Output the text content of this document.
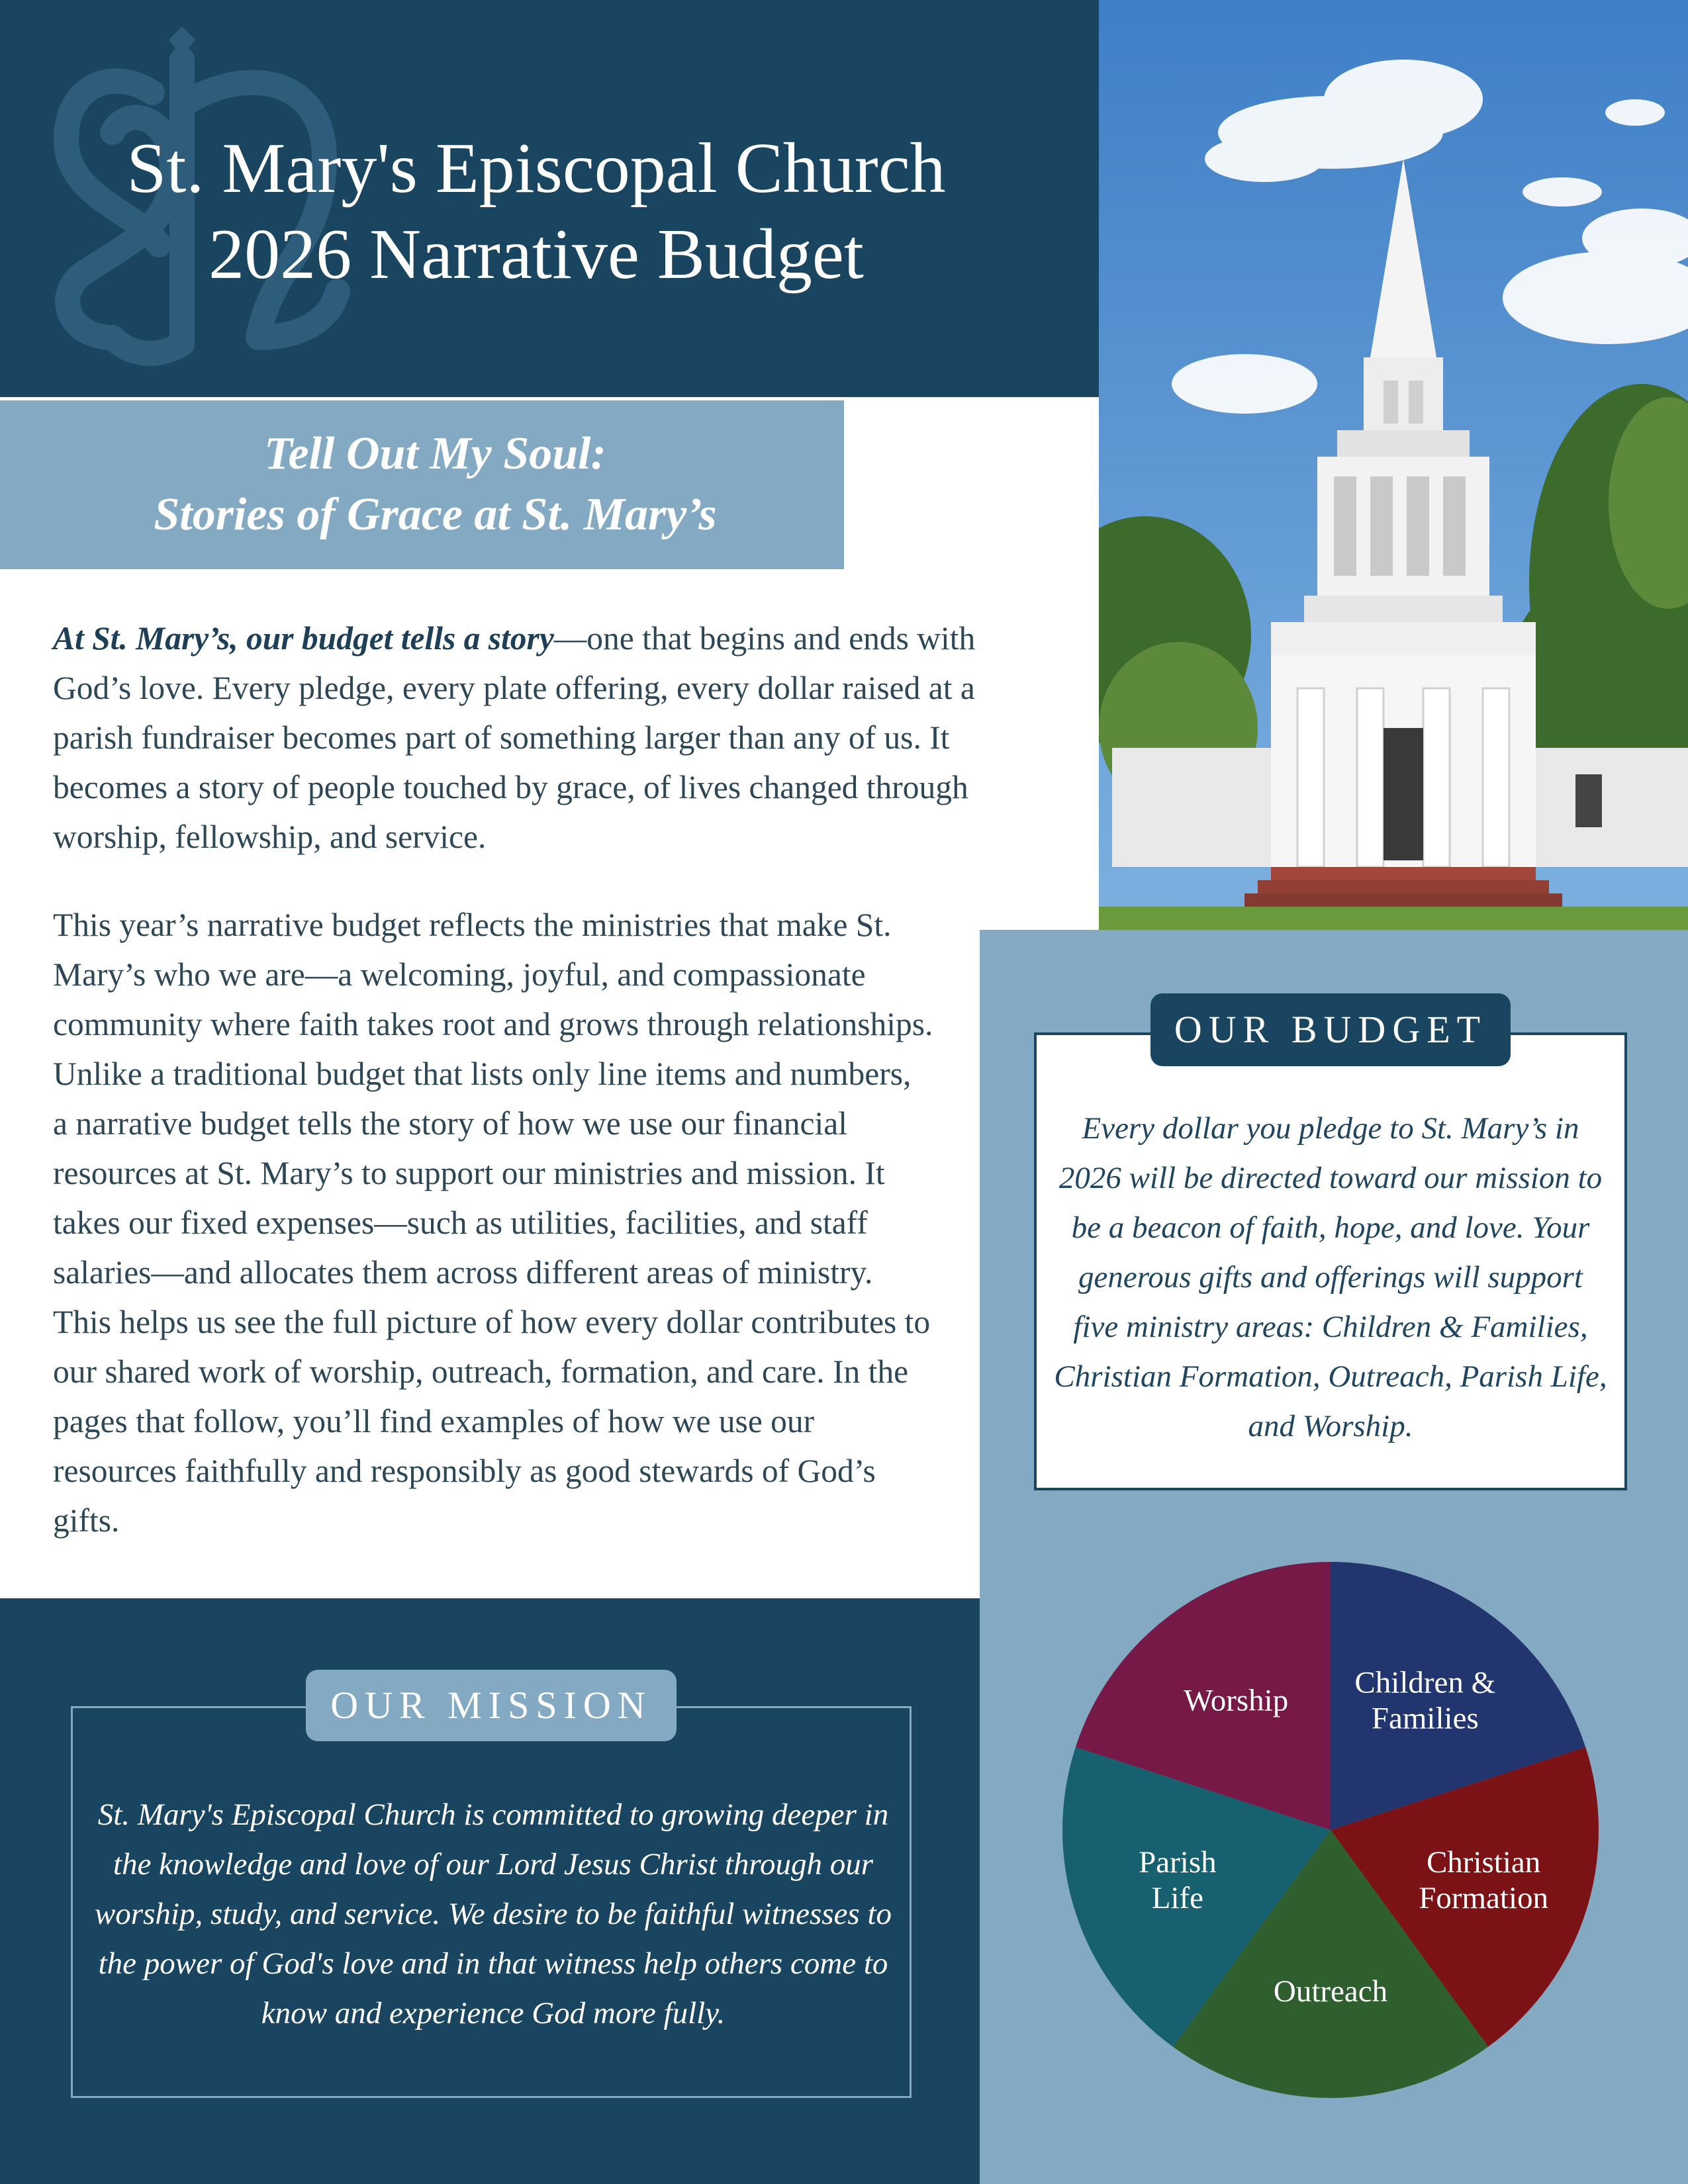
St. Mary's Episcopal Church
2026 Narrative Budget
Tell Out My Soul:
Stories of Grace at St. Mary’s
At St. Mary’s, our budget tells a story—one that begins and ends with God’s love. Every pledge, every plate offering, every dollar raised at a parish fundraiser becomes part of something larger than any of us. It becomes a story of people touched by grace, of lives changed through worship, fellowship, and service.
This year’s narrative budget reflects the ministries that make St. Mary’s who we are—a welcoming, joyful, and compassionate community where faith takes root and grows through relationships. Unlike a traditional budget that lists only line items and numbers, a narrative budget tells the story of how we use our financial resources at St. Mary’s to support our ministries and mission. It takes our fixed expenses—such as utilities, facilities, and staff salaries—and allocates them across different areas of ministry. This helps us see the full picture of how every dollar contributes to our shared work of worship, outreach, formation, and care. In the pages that follow, you’ll find examples of how we use our resources faithfully and responsibly as good stewards of God’s gifts.
OUR BUDGET
Every dollar you pledge to St. Mary’s in 2026 will be directed toward our mission to be a beacon of faith, hope, and love. Your generous gifts and offerings will support five ministry areas: Children & Families, Christian Formation, Outreach, Parish Life, and Worship.
OUR MISSION
St. Mary's Episcopal Church is committed to growing deeper in the knowledge and love of our Lord Jesus Christ through our worship, study, and service. We desire to be faithful witnesses to the power of God's love and in that witness help others come to know and experience God more fully.
Children & Families
Christian Formation
Outreach
Parish Life
Worship
